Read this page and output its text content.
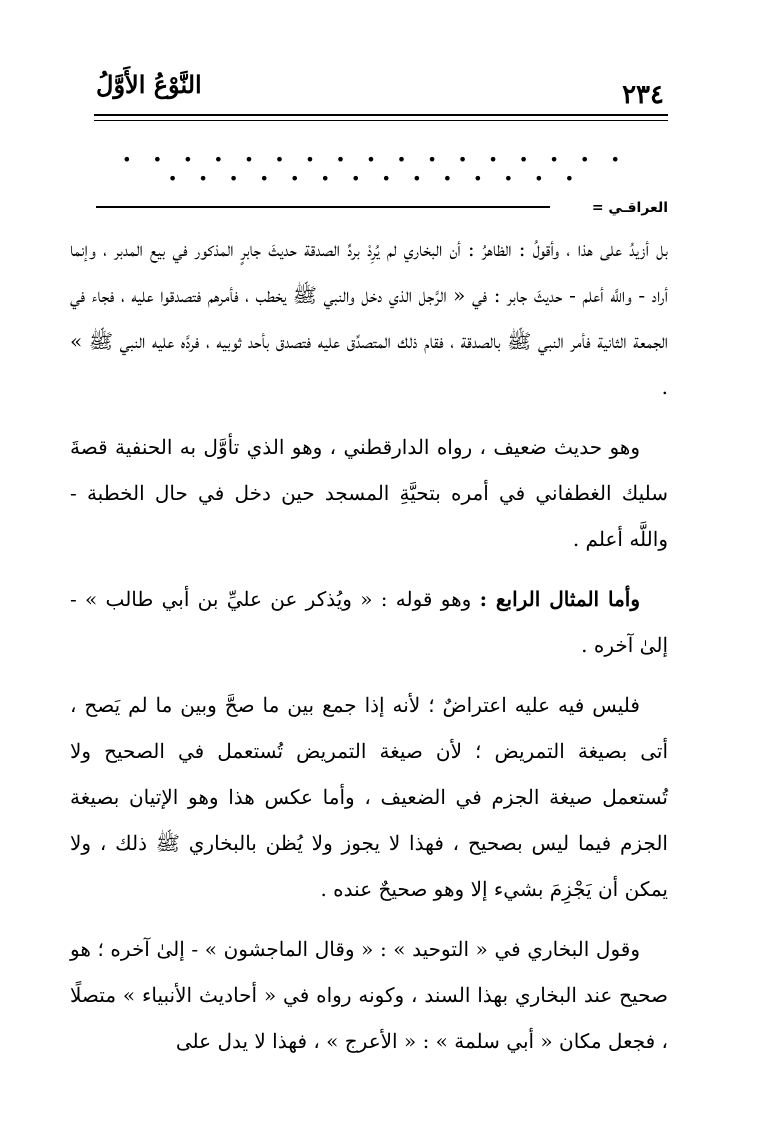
النَّوْعُ الأَوَّلُ	٢٣٤
• • • • • • • • • • • • • • • • • • • • • • • • • • • • • • •
العراقـي =

بل أزيدُ على هذا ، وأقولُ : الظاهرُ : أن البخاري لم يُرِدْ بردِّ الصدقة حديثَ جابرٍ المذكور في بيع المدبر ، وإنما أراد - واللَّه أعلم - حديثَ جابر : في « الرَّجل الذي دخل والنبي ﷺ يخطب ، فأمرهم فتصدقوا عليه ، فجاء في الجمعة الثانية فأمر النبي ﷺ بالصدقة ، فقام ذلك المتصدِّق عليه فتصدق بأحد ثوبيه ، فردَّه عليه النبي ﷺ » .

وهو حديث ضعيف ، رواه الدارقطني ، وهو الذي تأوَّل به الحنفية قصةَ سليك الغطفاني في أمره بتحيَّةِ المسجد حين دخل في حال الخطبة - واللَّه أعلم .

وأما المثال الرابع : وهو قوله : « ويُذكر عن عليِّ بن أبي طالب » - إلىٰ آخره .

فليس فيه عليه اعتراضٌ ؛ لأنه إذا جمع بين ما صحَّ وبين ما لم يَصح ، أتى بصيغة التمريض ؛ لأن صيغة التمريض تُستعمل في الصحيح ولا تُستعمل صيغة الجزم في الضعيف ، وأما عكس هذا وهو الإتيان بصيغة الجزم فيما ليس بصحيح ، فهذا لا يجوز ولا يُظن بالبخاري ﷺ ذلك ، ولا يمكن أن يَجْزِمَ بشيء إلا وهو صحيحٌ عنده .

وقول البخاري في « التوحيد » : « وقال الماجشون » - إلىٰ آخره ؛ هو صحيح عند البخاري بهذا السند ، وكونه رواه في « أحاديث الأنبياء » متصلًا ، فجعل مكان « أبي سلمة » : « الأعرج » ، فهذا لا يدل على
